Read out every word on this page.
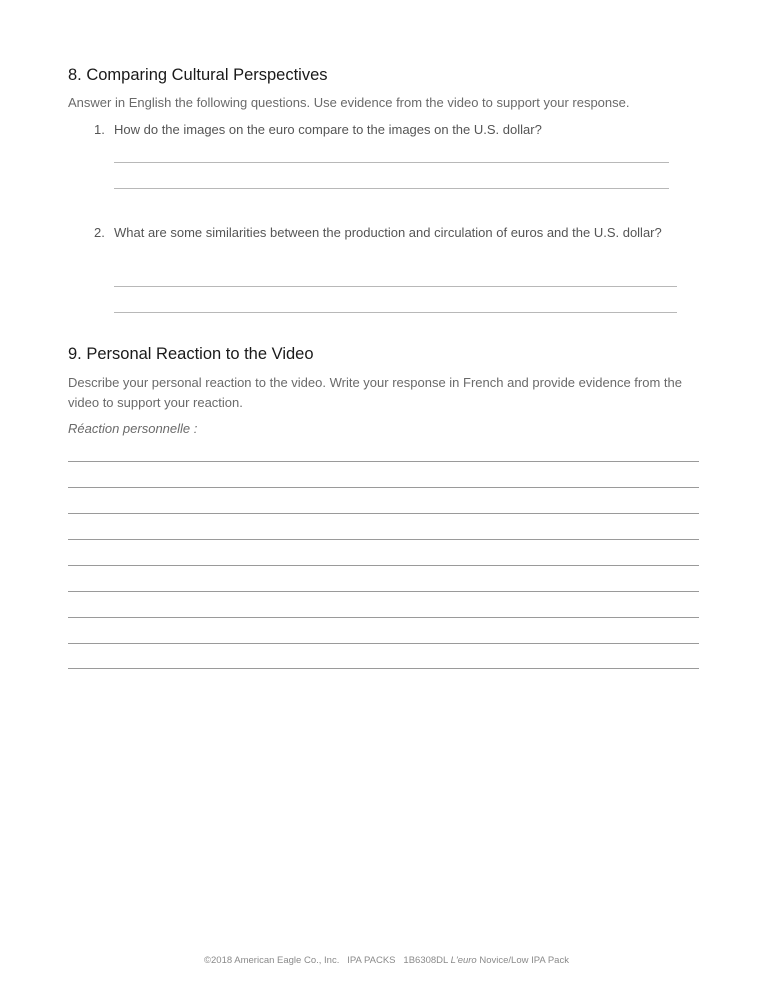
8. Comparing Cultural Perspectives
Answer in English the following questions. Use evidence from the video to support your response.
1. How do the images on the euro compare to the images on the U.S. dollar?
2. What are some similarities between the production and circulation of euros and the U.S. dollar?
9. Personal Reaction to the Video
Describe your personal reaction to the video. Write your response in French and provide evidence from the video to support your reaction.
Réaction personnelle :
©2018 American Eagle Co., Inc. IPA PACKS 1B6308DL L'euro Novice/Low IPA Pack
